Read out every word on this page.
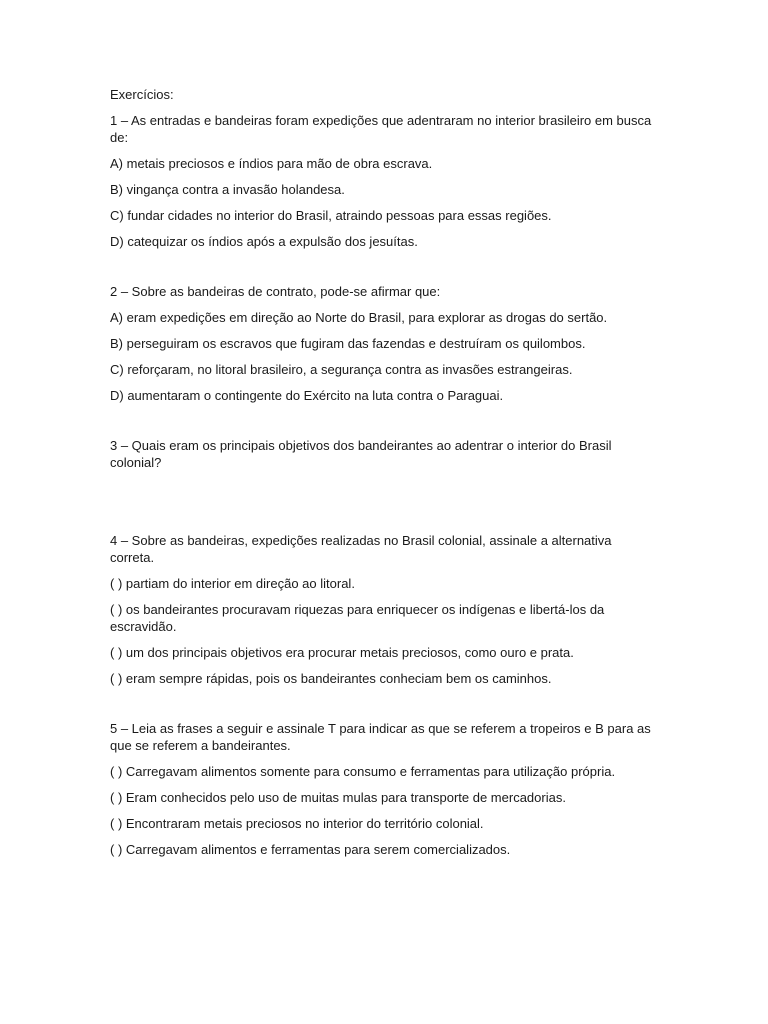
Exercícios:

1 – As entradas e bandeiras foram expedições que adentraram no interior brasileiro em busca de:

A) metais preciosos e índios para mão de obra escrava.

B) vingança contra a invasão holandesa.

C) fundar cidades no interior do Brasil, atraindo pessoas para essas regiões.

D) catequizar os índios após a expulsão dos jesuítas.

2 – Sobre as bandeiras de contrato, pode-se afirmar que:

A) eram expedições em direção ao Norte do Brasil, para explorar as drogas do sertão.

B) perseguiram os escravos que fugiram das fazendas e destruíram os quilombos.

C) reforçaram, no litoral brasileiro, a segurança contra as invasões estrangeiras.

D) aumentaram o contingente do Exército na luta contra o Paraguai.

3 – Quais eram os principais objetivos dos bandeirantes ao adentrar o interior do Brasil colonial?

4 – Sobre as bandeiras, expedições realizadas no Brasil colonial, assinale a alternativa correta.

( ) partiam do interior em direção ao litoral.

( ) os bandeirantes procuravam riquezas para enriquecer os indígenas e libertá-los da escravidão.

( ) um dos principais objetivos era procurar metais preciosos, como ouro e prata.

( ) eram sempre rápidas, pois os bandeirantes conheciam bem os caminhos.

5 – Leia as frases a seguir e assinale T para indicar as que se referem a tropeiros e B para as que se referem a bandeirantes.

( ) Carregavam alimentos somente para consumo e ferramentas para utilização própria.

( ) Eram conhecidos pelo uso de muitas mulas para transporte de mercadorias.

( ) Encontraram metais preciosos no interior do território colonial.

( ) Carregavam alimentos e ferramentas para serem comercializados.
